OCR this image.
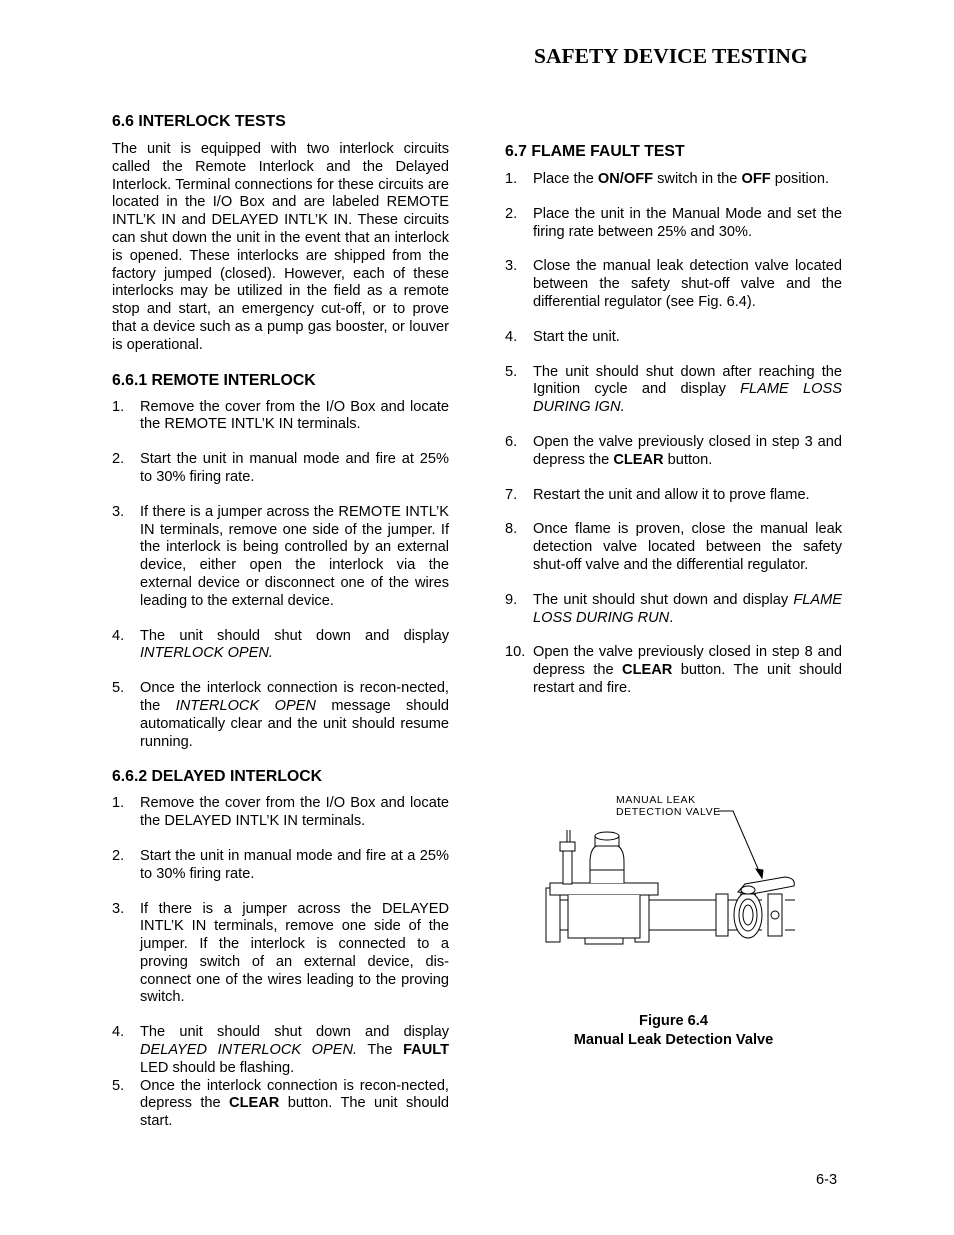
SAFETY DEVICE TESTING
6.6 INTERLOCK TESTS

The unit is equipped with two interlock circuits called the Remote Interlock and the Delayed Interlock. Terminal connections for these circuits are located in the I/O Box and are labeled REMOTE INTL’K IN and DELAYED INTL’K IN. These circuits can shut down the unit in the event that an interlock is opened. These interlocks are shipped from the factory jumped (closed). However, each of these interlocks may be utilized in the field as a remote stop and start, an emergency cut-off, or to prove that a device such as a pump gas booster, or louver is operational.

6.6.1 REMOTE INTERLOCK
1. Remove the cover from the I/O Box and locate the REMOTE INTL’K IN terminals.
2. Start the unit in manual mode and fire at 25% to 30% firing rate.
3. If there is a jumper across the REMOTE INTL’K IN terminals, remove one side of the jumper. If the interlock is being controlled by an external device, either open the interlock via the external device or disconnect one of the wires leading to the external device.
4. The unit should shut down and display INTERLOCK OPEN.
5. Once the interlock connection is recon-nected, the INTERLOCK OPEN message should automatically clear and the unit should resume running.
6.6.2 DELAYED INTERLOCK
1. Remove the cover from the I/O Box and locate the DELAYED INTL’K IN terminals.
2. Start the unit in manual mode and fire at a 25% to 30% firing rate.
3. If there is a jumper across the DELAYED INTL’K IN terminals, remove one side of the jumper. If the interlock is connected to a proving switch of an external device, dis-connect one of the wires leading to the proving switch.
4. The unit should shut down and display DELAYED INTERLOCK OPEN. The FAULT LED should be flashing.
5. Once the interlock connection is recon-nected, depress the CLEAR button. The unit should start.
6.7 FLAME FAULT TEST
1. Place the ON/OFF switch in the OFF position.
2. Place the unit in the Manual Mode and set the firing rate between 25% and 30%.
3. Close the manual leak detection valve located between the safety shut-off valve and the differential regulator (see Fig. 6.4).
4. Start the unit.
5. The unit should shut down after reaching the Ignition cycle and display FLAME LOSS DURING IGN.
6. Open the valve previously closed in step 3 and depress the CLEAR button.
7. Restart the unit and allow it to prove flame.
8. Once flame is proven, close the manual leak detection valve located between the safety shut-off valve and the differential regulator.
9. The unit should shut down and display FLAME LOSS DURING RUN.
10. Open the valve previously closed in step 8 and depress the CLEAR button. The unit should restart and fire.
MANUAL LEAK
DETECTION VALVE
Figure 6.4
Manual Leak Detection Valve
6-3
